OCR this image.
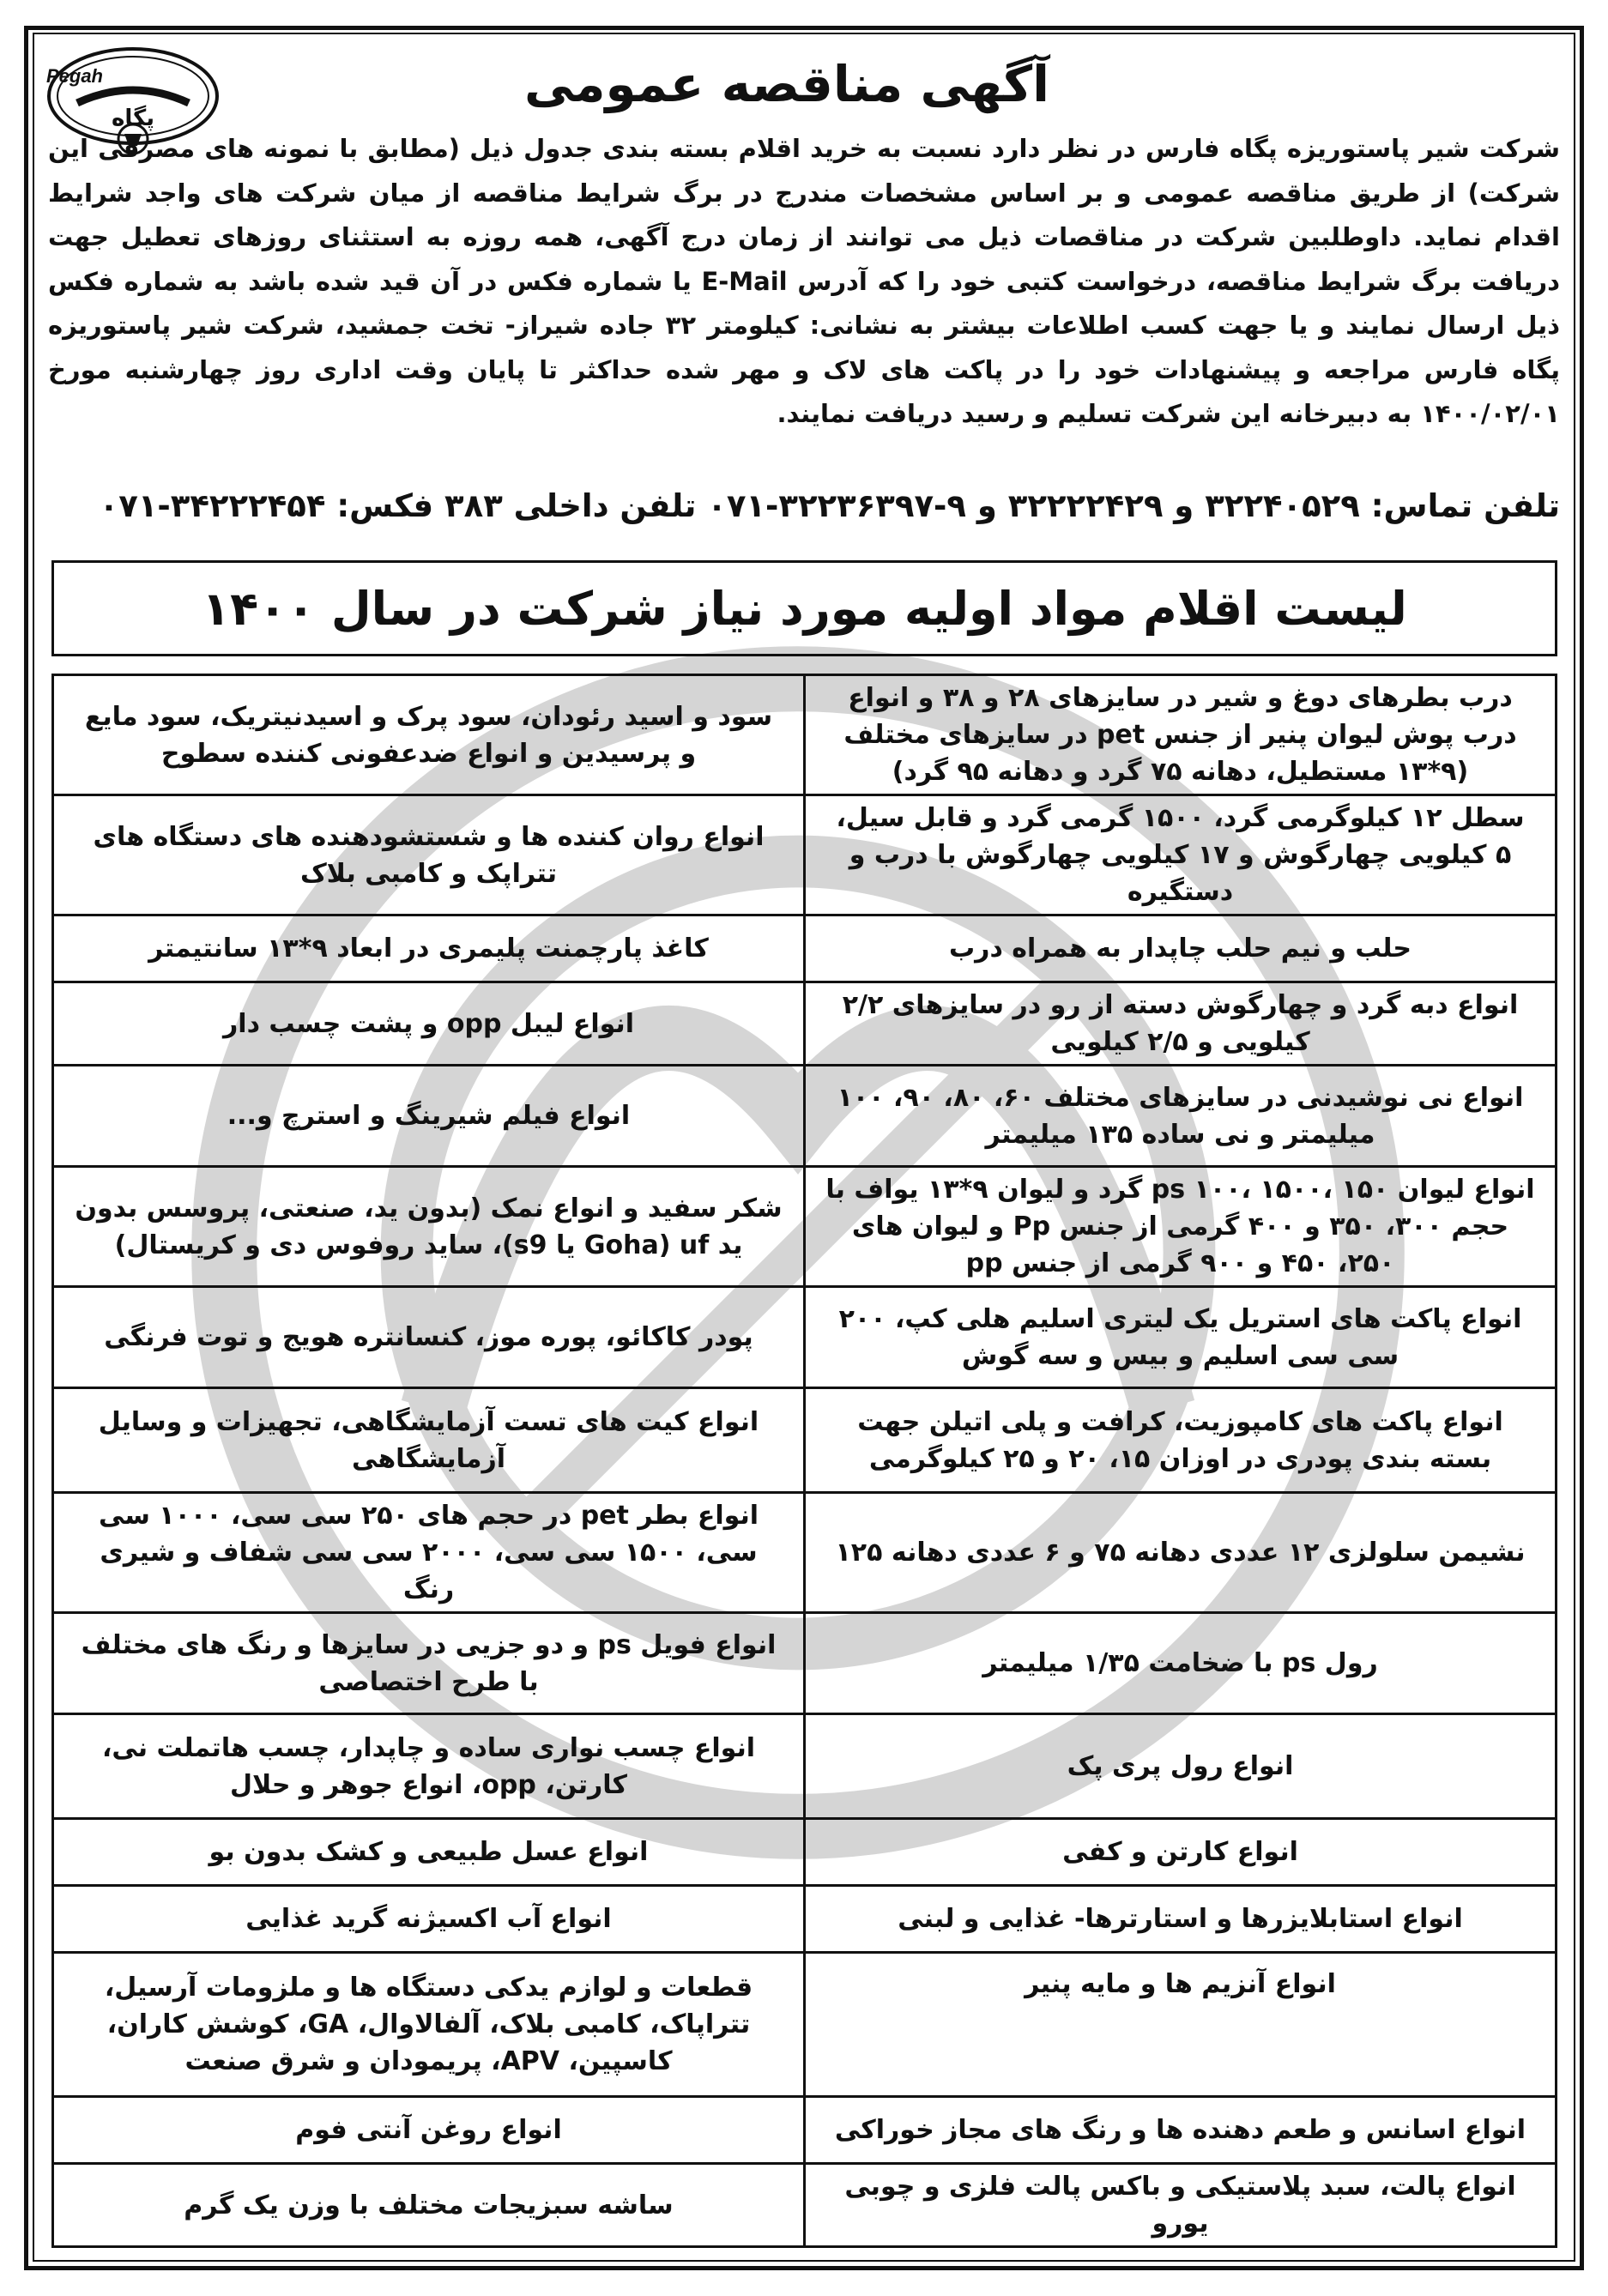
Pegah
پگاه
آگهی مناقصه عمومی
شرکت شیر پاستوریزه پگاه فارس در نظر دارد نسبت به خرید اقلام بسته بندی جدول ذیل (مطابق با نمونه های مصرفی این شرکت) از طریق مناقصه عمومی و بر اساس مشخصات مندرج در برگ شرایط مناقصه از میان شرکت های واجد شرایط اقدام نماید. داوطلبین شرکت در مناقصات ذیل می توانند از زمان درج آگهی، همه روزه به استثنای روزهای تعطیل جهت دریافت برگ شرایط مناقصه، درخواست کتبی خود را که آدرس E-Mail یا شماره فکس در آن قید شده باشد به شماره فکس ذیل ارسال نمایند و یا جهت کسب اطلاعات بیشتر به نشانی: کیلومتر ۳۲ جاده شیراز- تخت جمشید، شرکت شیر پاستوریزه پگاه فارس مراجعه و پیشنهادات خود را در پاکت های لاک و مهر شده حداکثر تا پایان وقت اداری روز چهارشنبه مورخ ۱۴۰۰/۰۲/۰۱ به دبیرخانه این شرکت تسلیم و رسید دریافت نمایند.
تلفن تماس: ۳۲۲۴۰۵۲۹ و ۳۲۲۲۲۴۲۹ و ۹-۳۲۲۳۶۳۹۷-۰۷۱ تلفن داخلی ۳۸۳ فکس: ۳۴۲۲۲۴۵۴-۰۷۱
لیست اقلام مواد اولیه مورد نیاز شرکت در سال ۱۴۰۰
درب بطرهای دوغ و شیر در سایزهای ۲۸ و ۳۸ و انواع درب پوش لیوان پنیر از جنس pet در سایزهای مختلف (۹*۱۳ مستطیل، دهانه ۷۵ گرد و دهانه ۹۵ گرد)	سود و اسید رئودان، سود پرک و اسیدنیتریک، سود مایع و پرسیدین و انواع ضدعفونی کننده سطوح
سطل ۱۲ کیلوگرمی گرد، ۱۵۰۰ گرمی گرد و قابل سیل، ۵ کیلویی چهارگوش و ۱۷ کیلویی چهارگوش با درب و دستگیره	انواع روان کننده ها و شستشودهنده های دستگاه های تتراپک و کامبی بلاک
حلب و نیم حلب چاپدار به همراه درب	کاغذ پارچمنت پلیمری در ابعاد ۹*۱۳ سانتیمتر
انواع دبه گرد و چهارگوش دسته از رو در سایزهای ۲/۲ کیلویی و ۲/۵ کیلویی	انواع لیبل opp و پشت چسب دار
انواع نی نوشیدنی در سایزهای مختلف ۶۰، ۸۰، ۹۰، ۱۰۰ میلیمتر و نی ساده ۱۳۵ میلیمتر	انواع فیلم شیرینگ و استرچ و...
انواع لیوان ps ۱۰۰، ۱۵۰۰، ۱۵۰ گرد و لیوان ۹*۱۳ یواف با حجم ۳۰۰، ۳۵۰ و ۴۰۰ گرمی از جنس Pp و لیوان های ۲۵۰، ۴۵۰ و ۹۰۰ گرمی از جنس pp	شکر سفید و انواع نمک (بدون ید، صنعتی، پروسس بدون ید uf (Goha یا s9)، ساید روفوس دی و کریستال)
انواع پاکت های استریل یک لیتری اسلیم هلی کپ، ۲۰۰ سی سی اسلیم و بیس و سه گوش	پودر کاکائو، پوره موز، کنسانتره هویج و توت فرنگی
انواع پاکت های کامپوزیت، کرافت و پلی اتیلن جهت بسته بندی پودری در اوزان ۱۵، ۲۰ و ۲۵ کیلوگرمی	انواع کیت های تست آزمایشگاهی، تجهیزات و وسایل آزمایشگاهی
نشیمن سلولزی ۱۲ عددی دهانه ۷۵ و ۶ عددی دهانه ۱۲۵	انواع بطر pet در حجم های ۲۵۰ سی سی، ۱۰۰۰ سی سی، ۱۵۰۰ سی سی، ۲۰۰۰ سی سی شفاف و شیری رنگ
رول ps با ضخامت ۱/۳۵ میلیمتر	انواع فویل ps و دو جزیی در سایزها و رنگ های مختلف با طرح اختصاصی
انواع رول پری پک	انواع چسب نواری ساده و چاپدار، چسب هاتملت نی، کارتن، opp، انواع جوهر و حلال
انواع کارتن و کفی	انواع عسل طبیعی و کشک بدون بو
انواع استابلایزرها و استارترها- غذایی و لبنی	انواع آب اکسیژنه گرید غذایی
انواع آنزیم ها و مایه پنیر	قطعات و لوازم یدکی دستگاه ها و ملزومات آرسیل، تتراپاک، کامبی بلاک، آلفالاوال، GA، کوشش کاران، کاسپین، APV، پریمودان و شرق صنعت
انواع اسانس و طعم دهنده ها و رنگ های مجاز خوراکی	انواع روغن آنتی فوم
انواع پالت، سبد پلاستیکی و باکس پالت فلزی و چوبی یورو	ساشه سبزیجات مختلف با وزن یک گرم
